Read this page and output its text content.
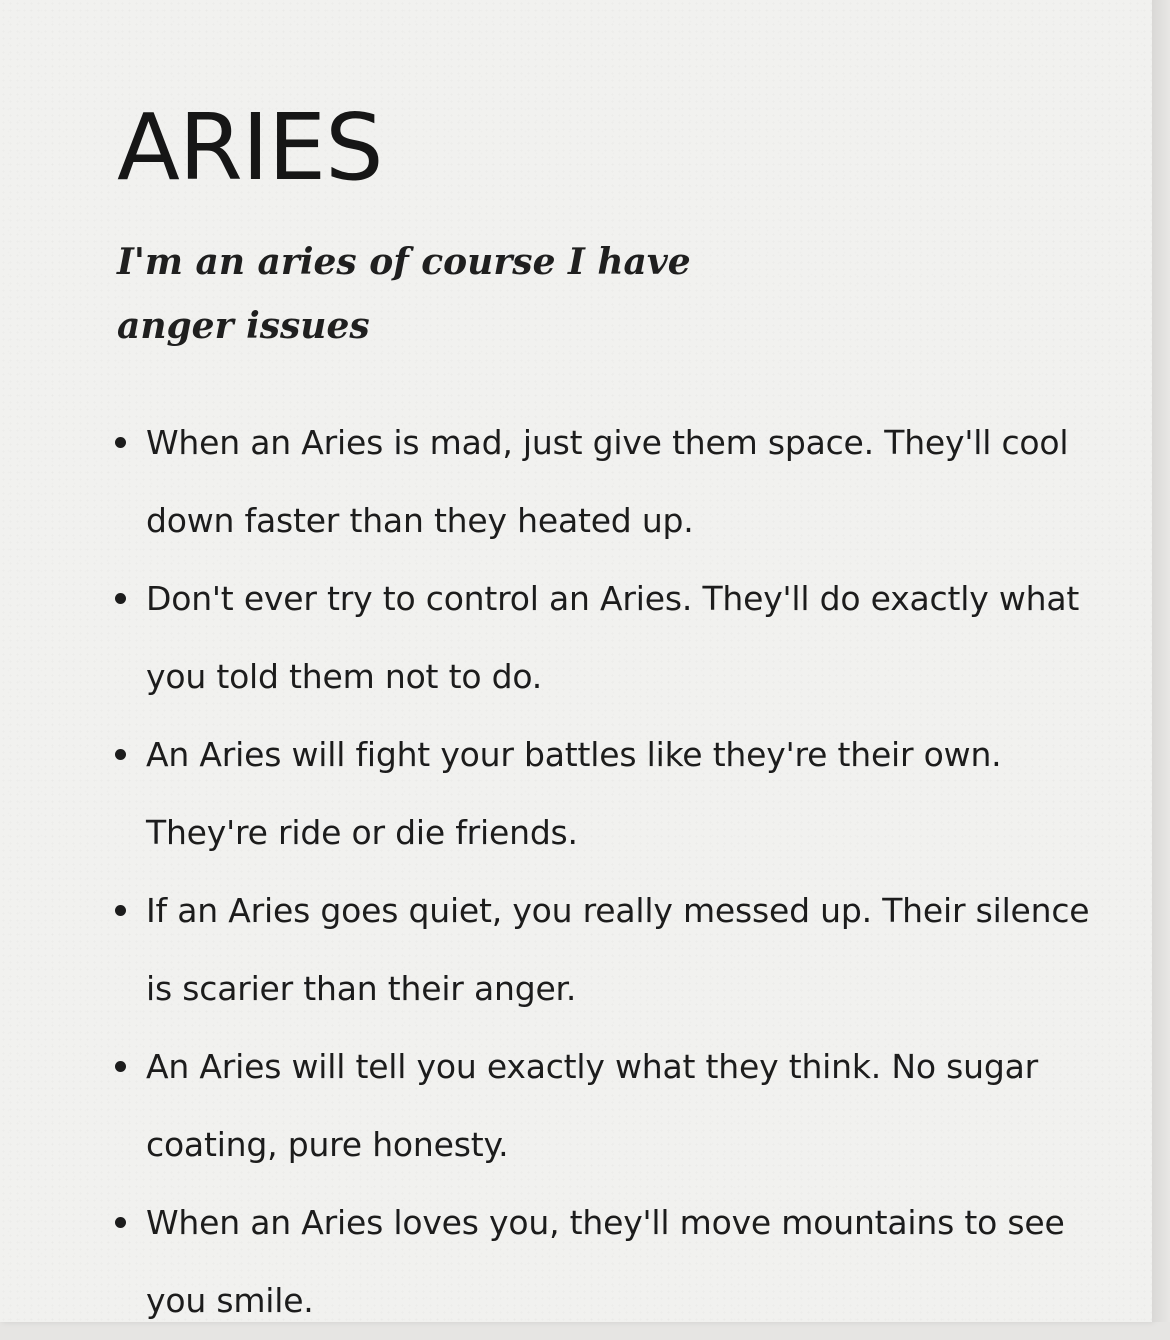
ARIES

I'm an aries of course I have anger issues

When an Aries is mad, just give them space. They'll cool down faster than they heated up.
Don't ever try to control an Aries. They'll do exactly what you told them not to do.
An Aries will fight your battles like they're their own. They're ride or die friends.
If an Aries goes quiet, you really messed up. Their silence is scarier than their anger.
An Aries will tell you exactly what they think. No sugar coating, pure honesty.
When an Aries loves you, they'll move mountains to see you smile.
